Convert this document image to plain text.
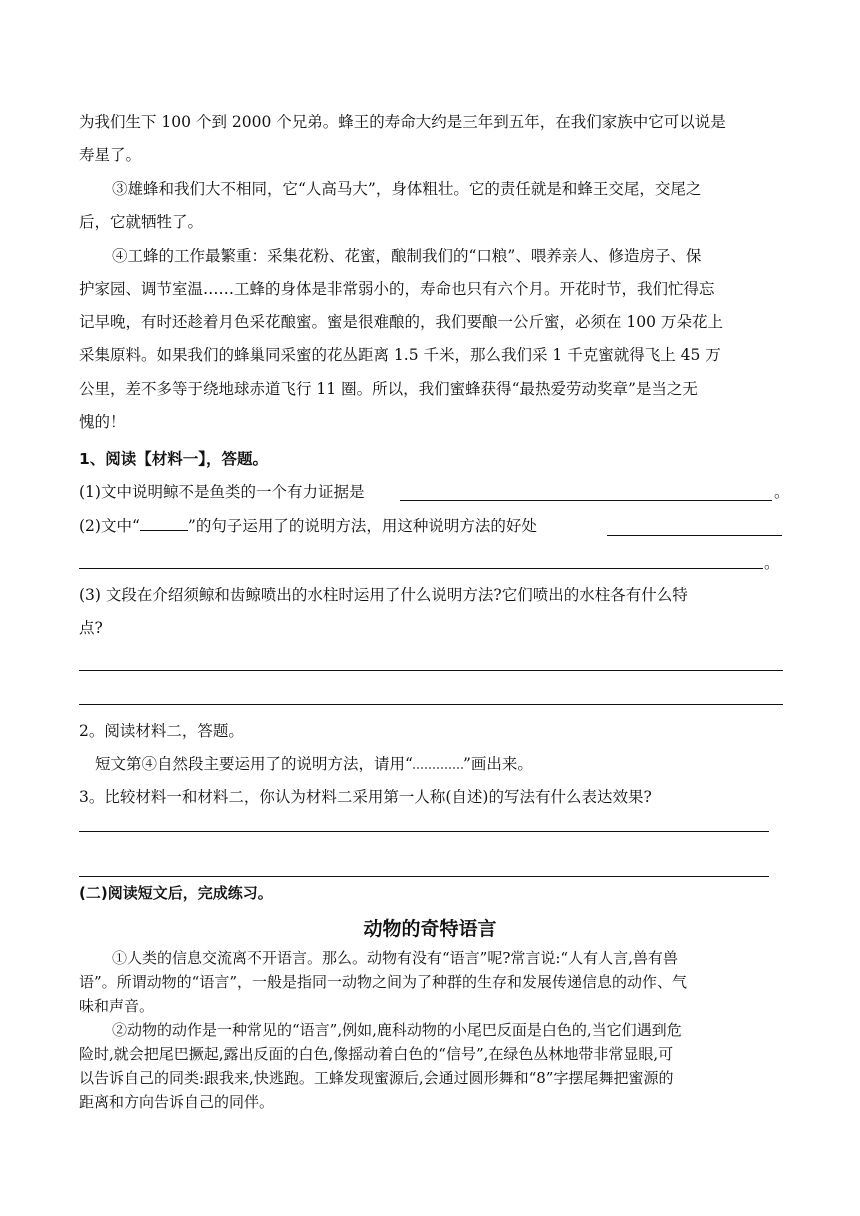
为我们生下 100 个到 2000 个兄弟。蜂王的寿命大约是三年到五年，在我们家族中它可以说是
寿星了。
③雄蜂和我们大不相同，它“人高马大”，身体粗壮。它的责任就是和蜂王交尾，交尾之
后，它就牺牲了。
④工蜂的工作最繁重：采集花粉、花蜜，酿制我们的“口粮”、喂养亲人、修造房子、保
护家园、调节室温……工蜂的身体是非常弱小的，寿命也只有六个月。开花时节，我们忙得忘
记早晚，有时还趁着月色采花酿蜜。蜜是很难酿的，我们要酿一公斤蜜，必须在 100 万朵花上
采集原料。如果我们的蜂巢同采蜜的花丛距离 1.5 千米，那么我们采 1 千克蜜就得飞上 45 万
公里，差不多等于绕地球赤道飞行 11 圈。所以，我们蜜蜂获得“最热爱劳动奖章”是当之无
愧的！
1、阅读【材料一】，答题。
(1)文中说明鲸不是鱼类的一个有力证据是	。
(2)文中“	”的句子运用了的说明方法，用这种说明方法的好处
。
(3) 文段在介绍须鲸和齿鲸喷出的水柱时运用了什么说明方法?它们喷出的水柱各有什么特
点?
2。阅读材料二，答题。
短文第④自然段主要运用了的说明方法，请用“	”画出来。
3。比较材料一和材料二，你认为材料二采用第一人称(自述)的写法有什么表达效果?
(二)阅读短文后，完成练习。
动物的奇特语言
①人类的信息交流离不开语言。那么。动物有没有“语言”呢?常言说:“人有人言,兽有兽
语”。所谓动物的“语言”，一般是指同一动物之间为了种群的生存和发展传递信息的动作、气
味和声音。
②动物的动作是一种常见的“语言”,例如,鹿科动物的小尾巴反面是白色的,当它们遇到危
险时,就会把尾巴撅起,露出反面的白色,像摇动着白色的“信号”,在绿色丛林地带非常显眼,可
以告诉自己的同类:跟我来,快逃跑。工蜂发现蜜源后,会通过圆形舞和“8”字摆尾舞把蜜源的
距离和方向告诉自己的同伴。
